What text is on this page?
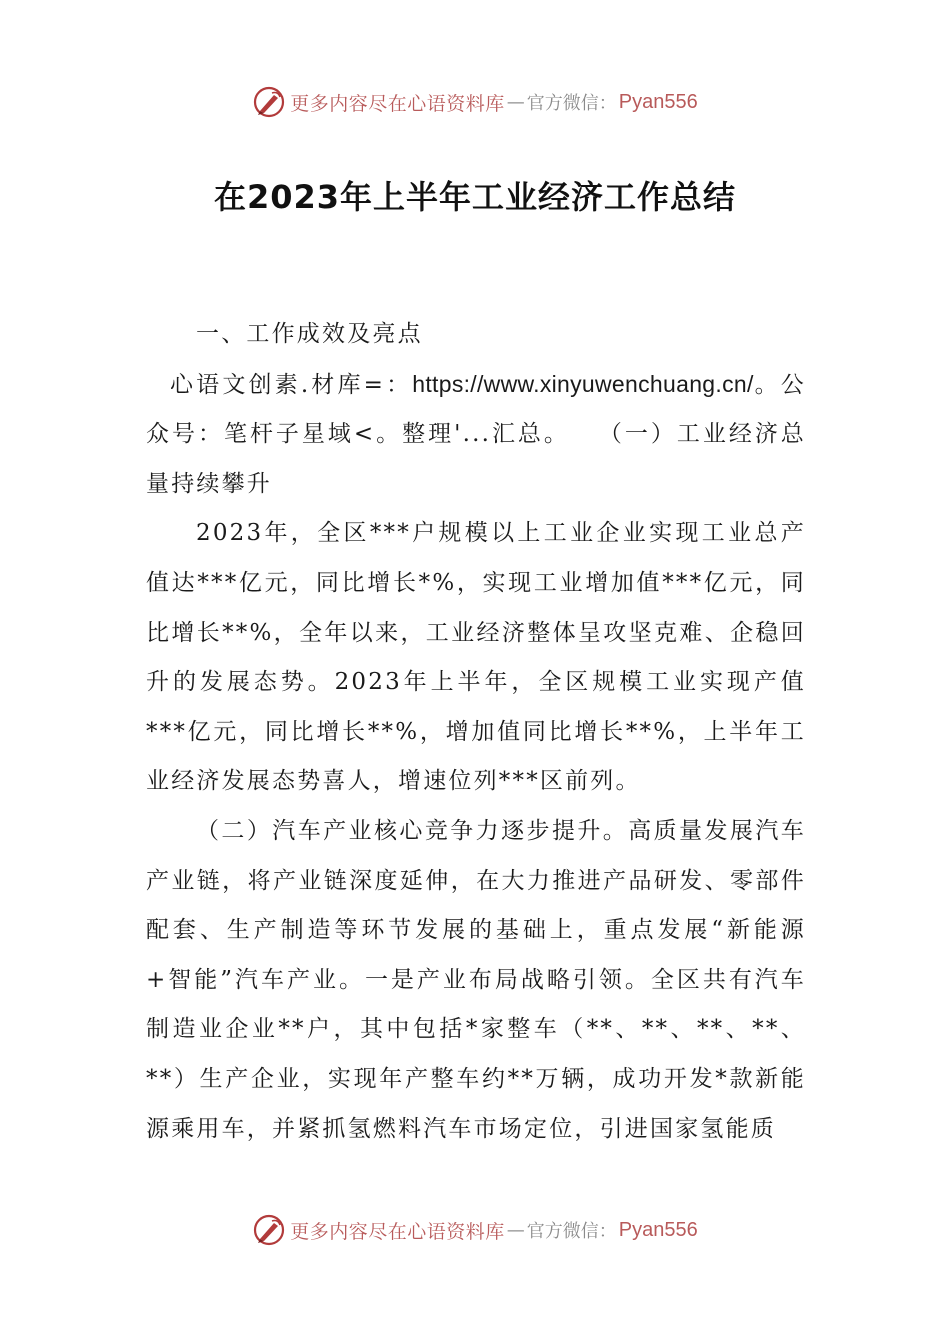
更多内容尽在心语资料库 — 官方微信： Pyan556
在2023年上半年工业经济工作总结

一、工作成效及亮点

心语文创素.材库=：https://www.xinyuwenchuang.cn/。公众号：笔杆子星域<。整理'...汇总。　　 （一）工业经济总量持续攀升

2023年，全区***户规模以上工业企业实现工业总产值达***亿元，同比增长*%，实现工业增加值***亿元，同比增长**%，全年以来，工业经济整体呈攻坚克难、企稳回升的发展态势。2023年上半年，全区规模工业实现产值***亿元，同比增长**%，增加值同比增长**%，上半年工业经济发展态势喜人，增速位列***区前列。

（二）汽车产业核心竞争力逐步提升。高质量发展汽车产业链，将产业链深度延伸，在大力推进产品研发、零部件配套、生产制造等环节发展的基础上，重点发展“新能源+智能”汽车产业。一是产业布局战略引领。全区共有汽车制造业企业**户，其中包括*家整车（**、**、**、**、**）生产企业，实现年产整车约**万辆，成功开发*款新能源乘用车，并紧抓氢燃料汽车市场定位，引进国家氢能质

更多内容尽在心语资料库 — 官方微信： Pyan556
